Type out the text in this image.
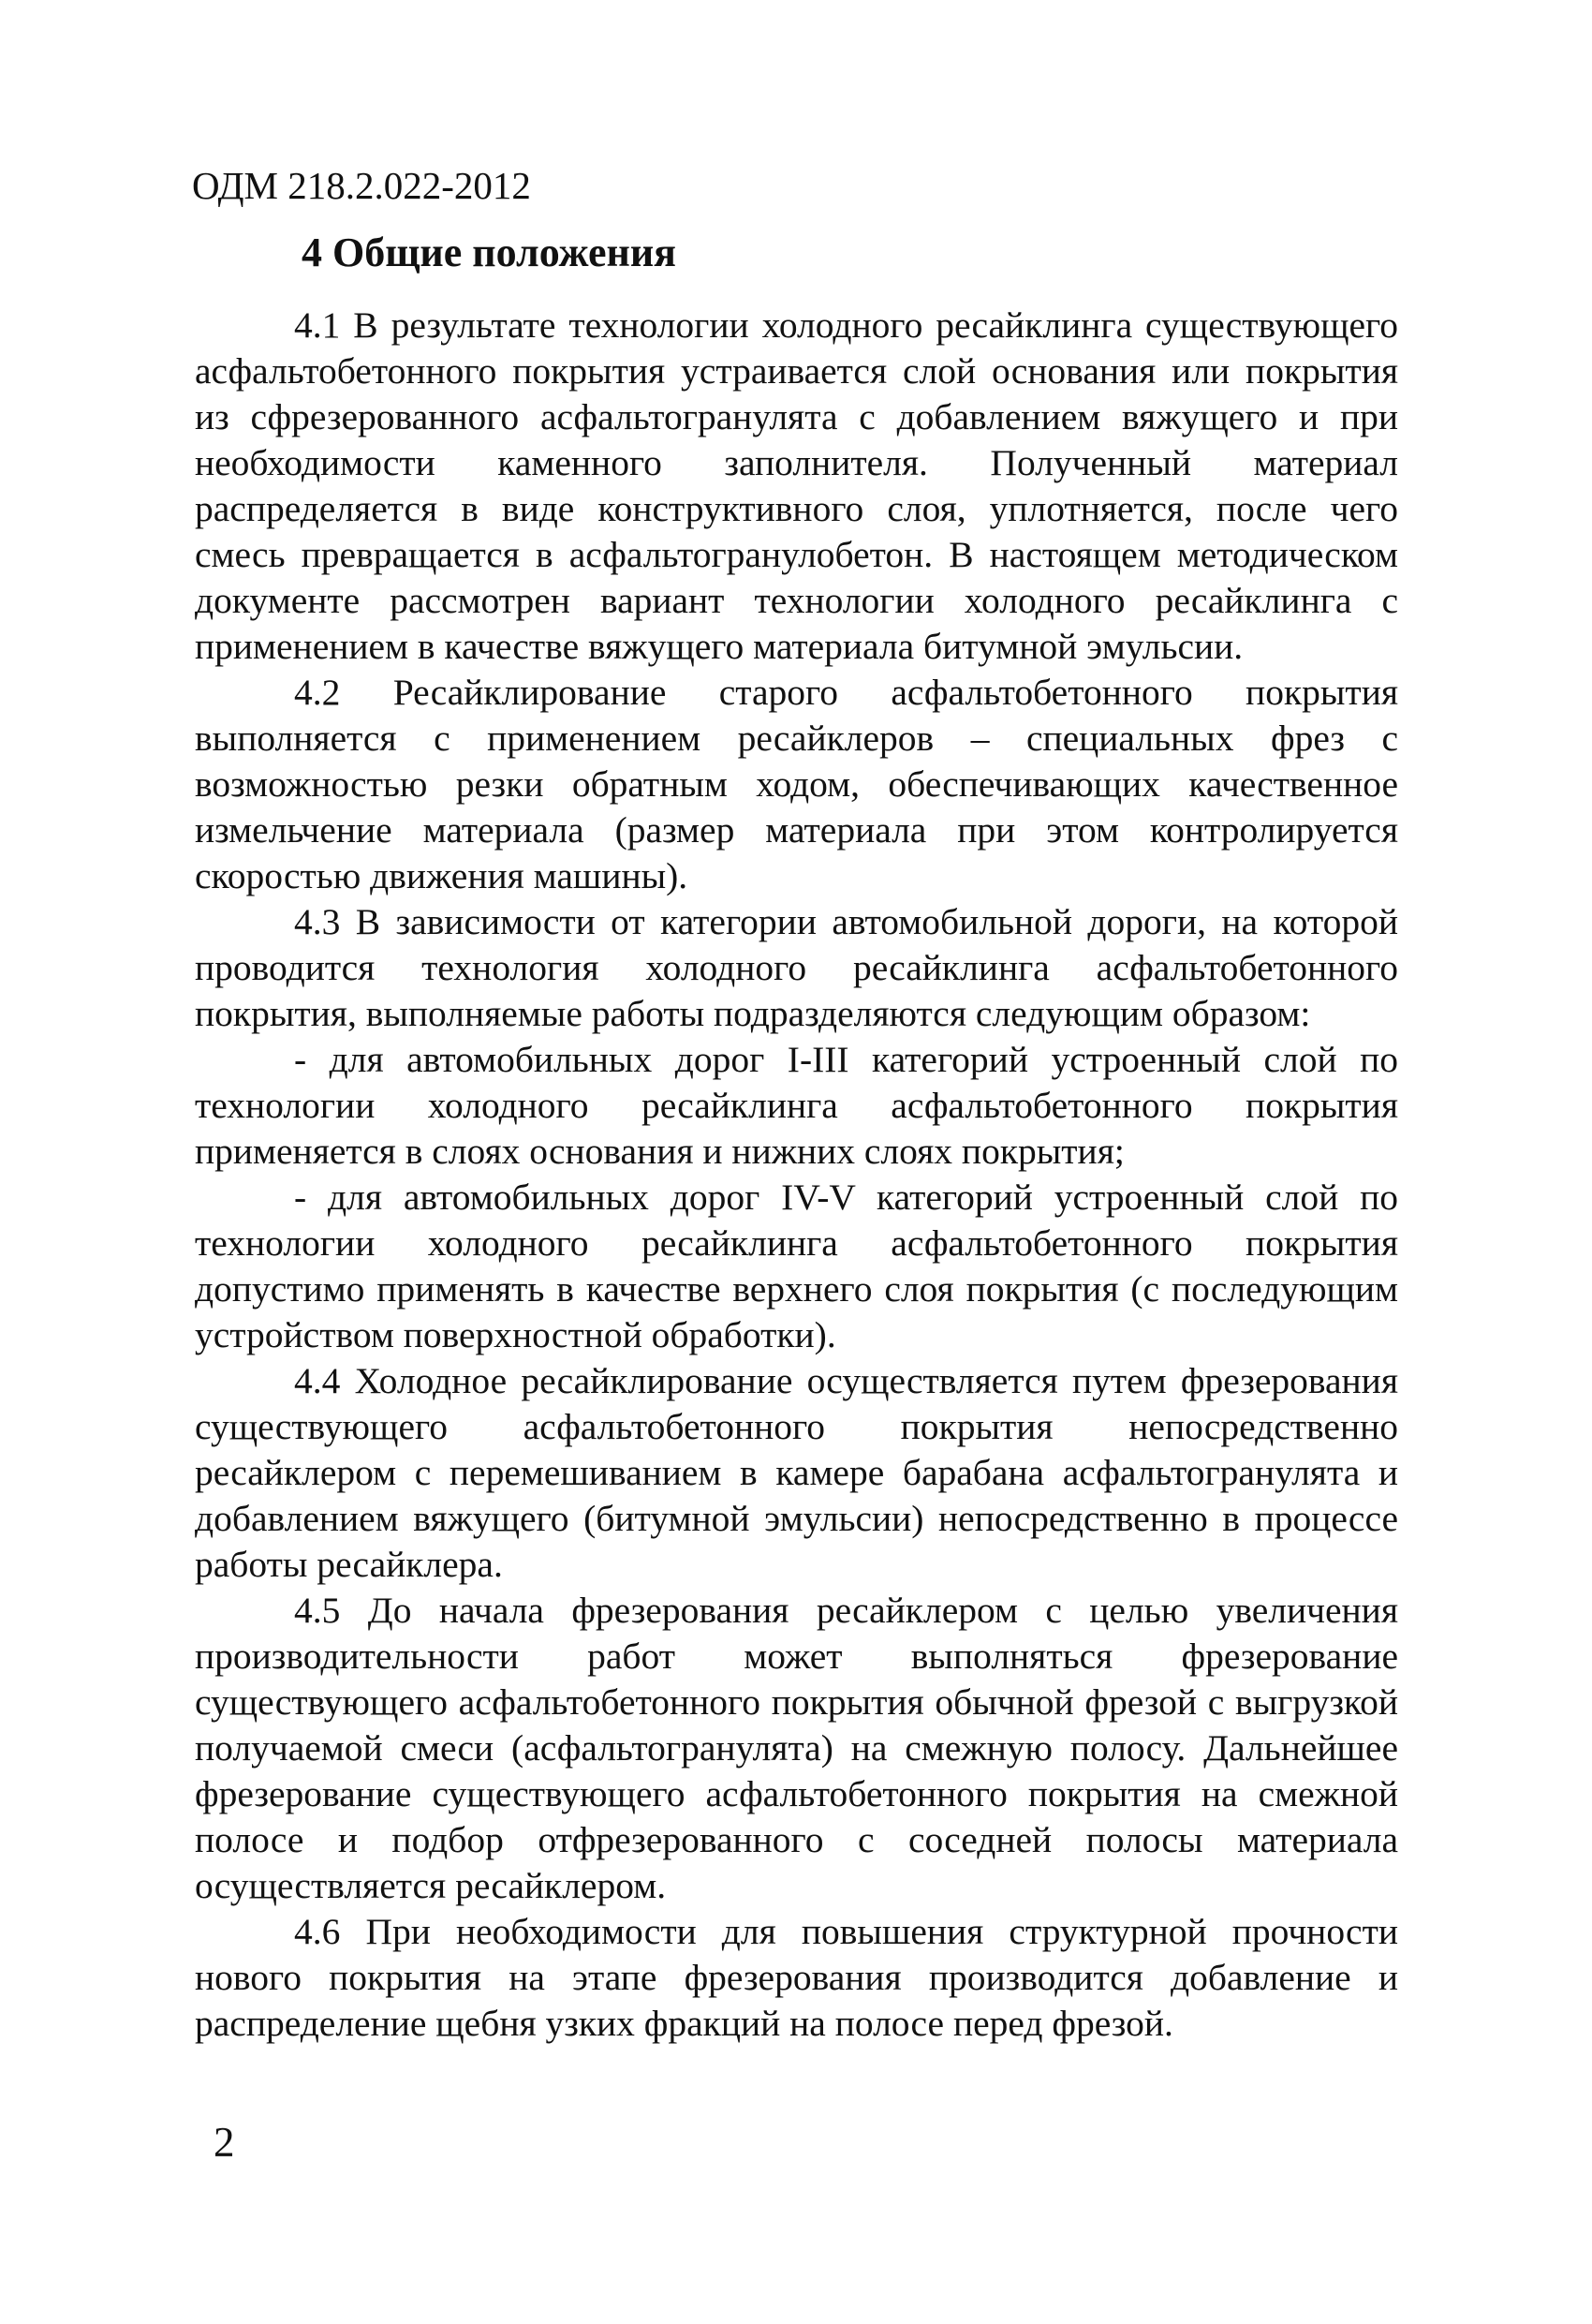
ОДМ 218.2.022-2012
4 Общие положения

4.1 В результате технологии холодного ресайклинга существующего асфальтобетонного покрытия устраивается слой основания или покрытия из сфрезерованного асфальтогранулята с добавлением вяжущего и при необходимости каменного заполнителя. Полученный материал распределяется в виде конструктивного слоя, уплотняется, после чего смесь превращается в асфальтогранулобетон. В настоящем методическом документе рассмотрен вариант технологии холодного ресайклинга с применением в качестве вяжущего материала битумной эмульсии.

4.2 Ресайклирование старого асфальтобетонного покрытия выполняется с применением ресайклеров – специальных фрез с возможностью резки обратным ходом, обеспечивающих качественное измельчение материала (размер материала при этом контролируется скоростью движения машины).

4.3 В зависимости от категории автомобильной дороги, на которой проводится технология холодного ресайклинга асфальтобетонного покрытия, выполняемые работы подразделяются следующим образом:

- для автомобильных дорог I-III категорий устроенный слой по технологии холодного ресайклинга асфальтобетонного покрытия применяется в слоях основания и нижних слоях покрытия;

- для автомобильных дорог IV-V категорий устроенный слой по технологии холодного ресайклинга асфальтобетонного покрытия допустимо применять в качестве верхнего слоя покрытия (с последующим устройством поверхностной обработки).

4.4 Холодное ресайклирование осуществляется путем фрезерования существующего асфальтобетонного покрытия непосредственно ресайклером с перемешиванием в камере барабана асфальтогранулята и добавлением вяжущего (битумной эмульсии) непосредственно в процессе работы ресайклера.

4.5 До начала фрезерования ресайклером с целью увеличения производительности работ может выполняться фрезерование существующего асфальтобетонного покрытия обычной фрезой с выгрузкой получаемой смеси (асфальтогранулята) на смежную полосу. Дальнейшее фрезерование существующего асфальтобетонного покрытия на смежной полосе и подбор отфрезерованного с соседней полосы материала осуществляется ресайклером.

4.6 При необходимости для повышения структурной прочности нового покрытия на этапе фрезерования производится добавление и распределение щебня узких фракций на полосе перед фрезой.

2
